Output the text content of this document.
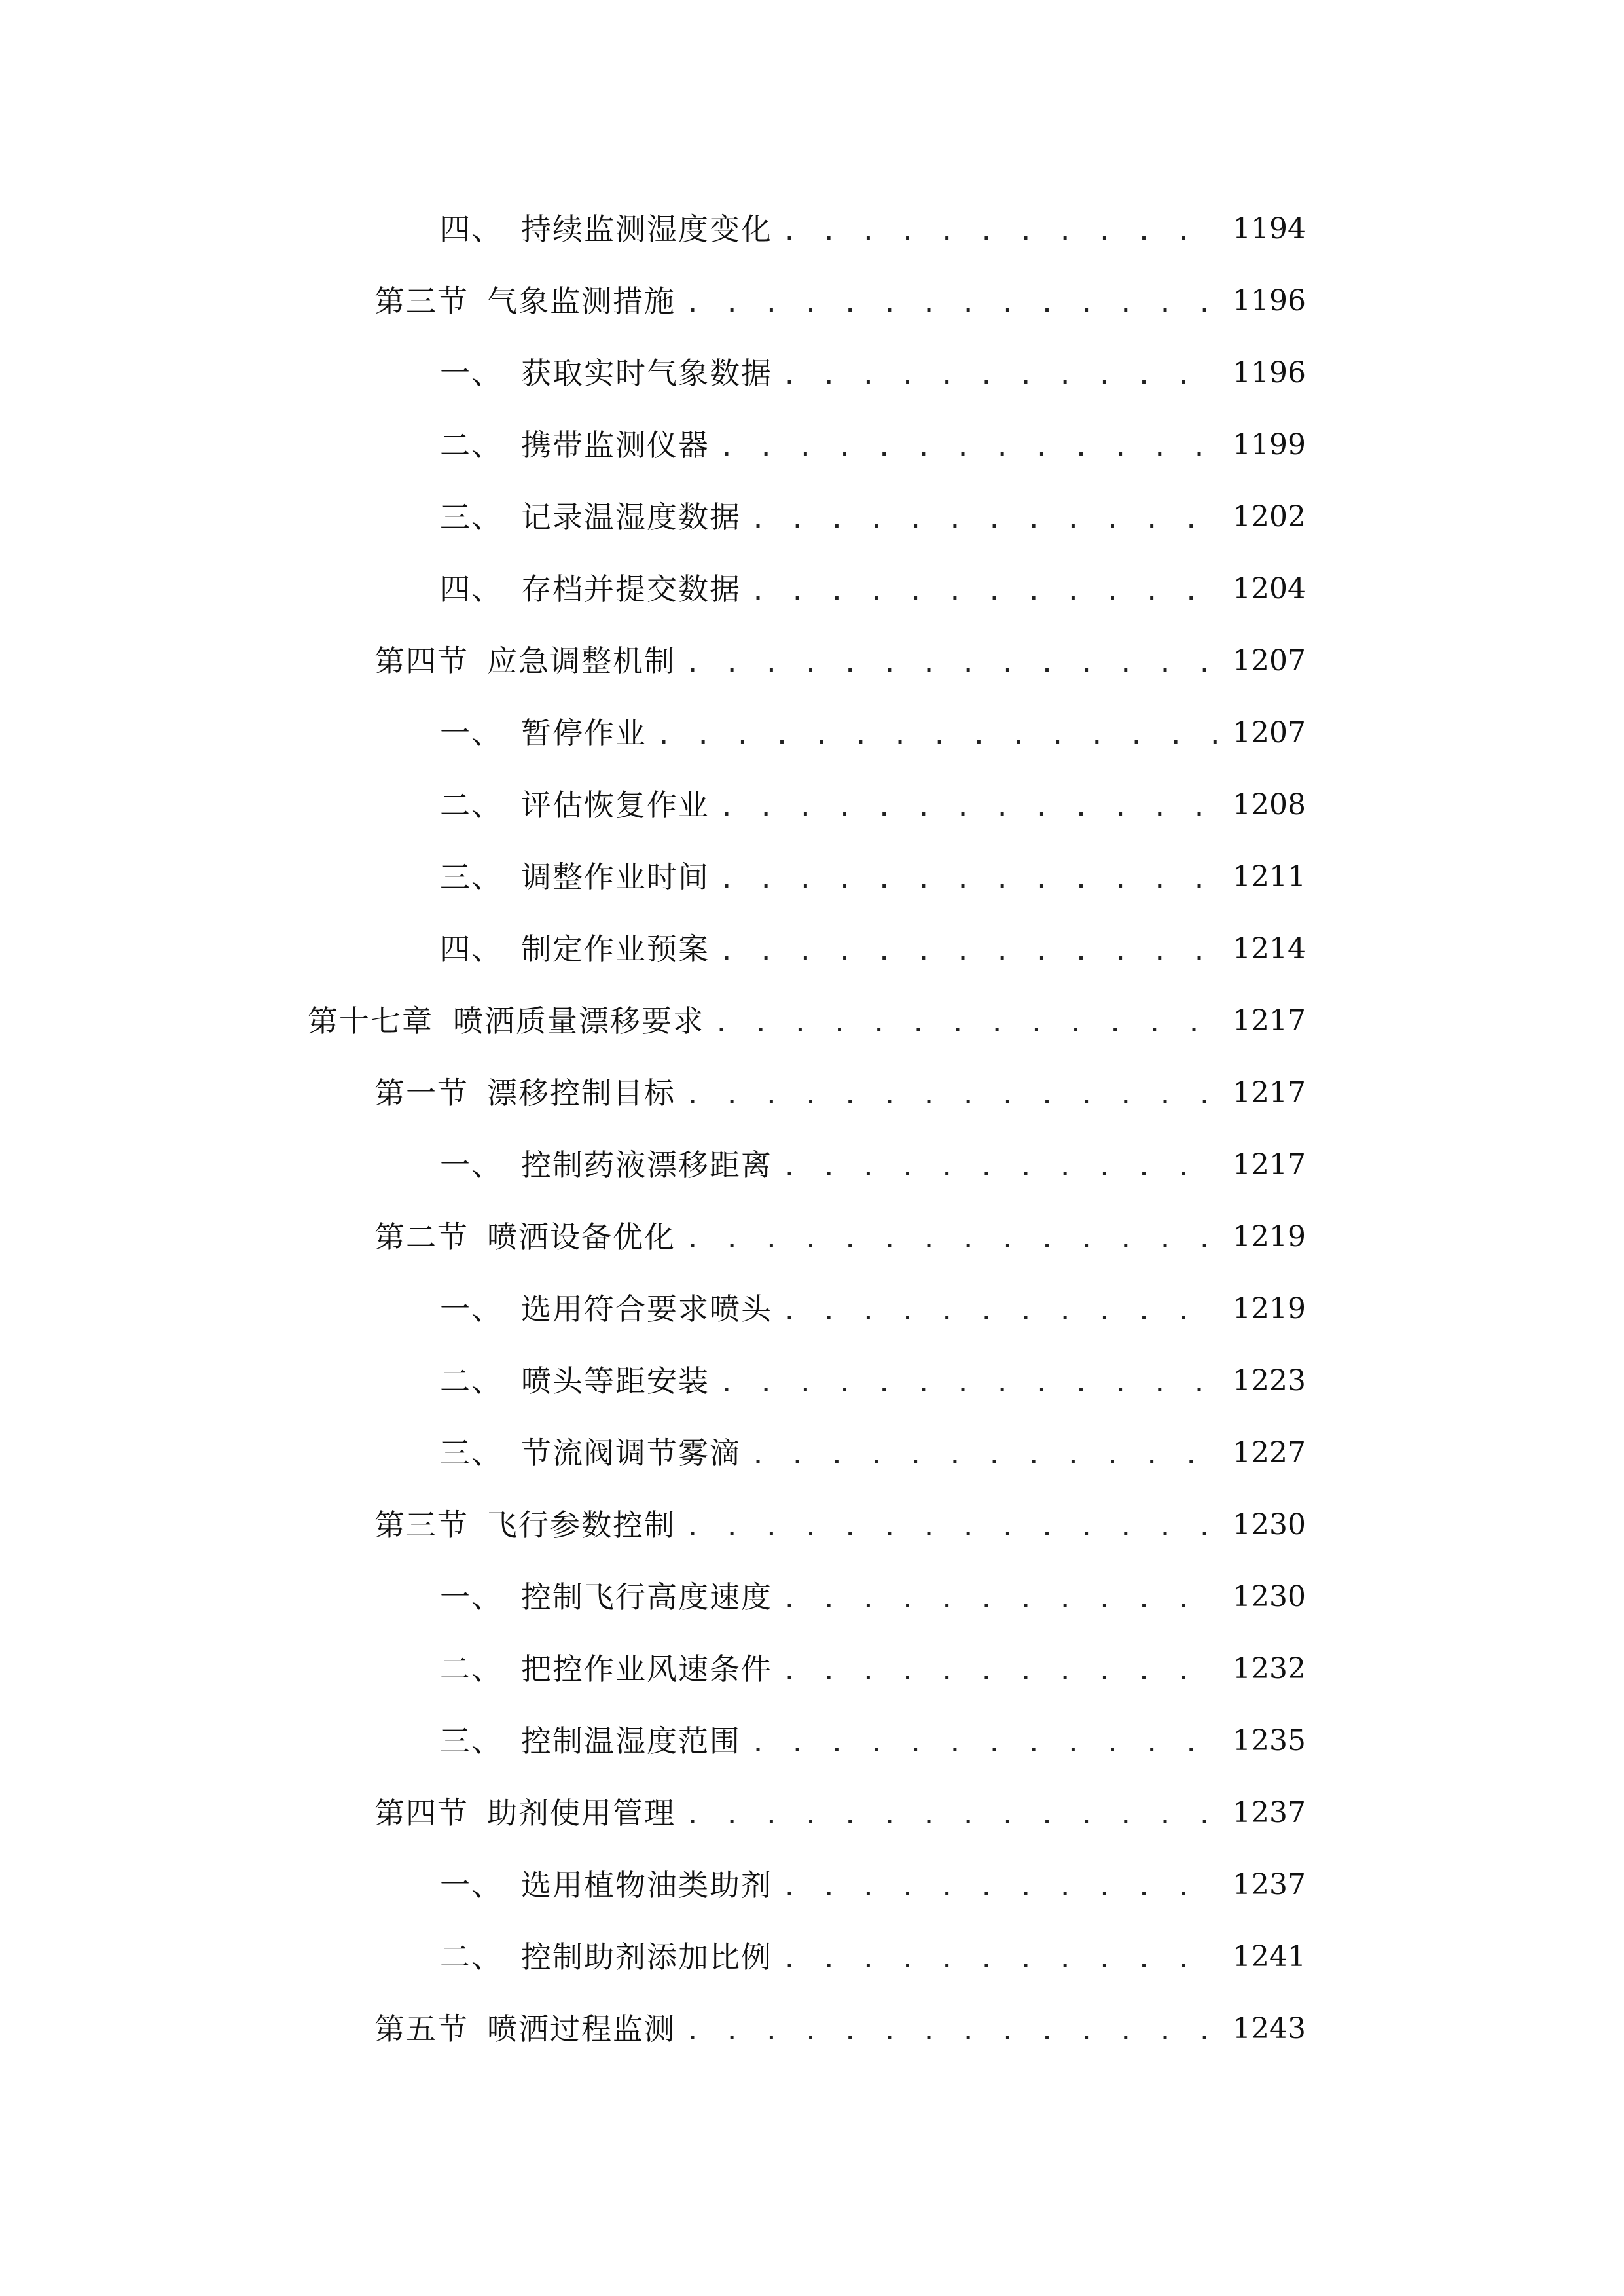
四、 持续监测湿度变化 . . .	1194
第三节 气象监测措施 . . .	1196
一、 获取实时气象数据 . . .	1196
二、 携带监测仪器 . . .	1199
三、 记录温湿度数据 . . .	1202
四、 存档并提交数据 . . .	1204
第四节 应急调整机制 . . .	1207
一、 暂停作业 . . .	1207
二、 评估恢复作业 . . .	1208
三、 调整作业时间 . . .	1211
四、 制定作业预案 . . .	1214
第十七章 喷洒质量漂移要求 . . .	1217
第一节 漂移控制目标 . . .	1217
一、 控制药液漂移距离 . . .	1217
第二节 喷洒设备优化 . . .	1219
一、 选用符合要求喷头 . . .	1219
二、 喷头等距安装 . . .	1223
三、 节流阀调节雾滴 . . .	1227
第三节 飞行参数控制 . . .	1230
一、 控制飞行高度速度 . . .	1230
二、 把控作业风速条件 . . .	1232
三、 控制温湿度范围 . . .	1235
第四节 助剂使用管理 . . .	1237
一、 选用植物油类助剂 . . .	1237
二、 控制助剂添加比例 . . .	1241
第五节 喷洒过程监测 . . .	1243
